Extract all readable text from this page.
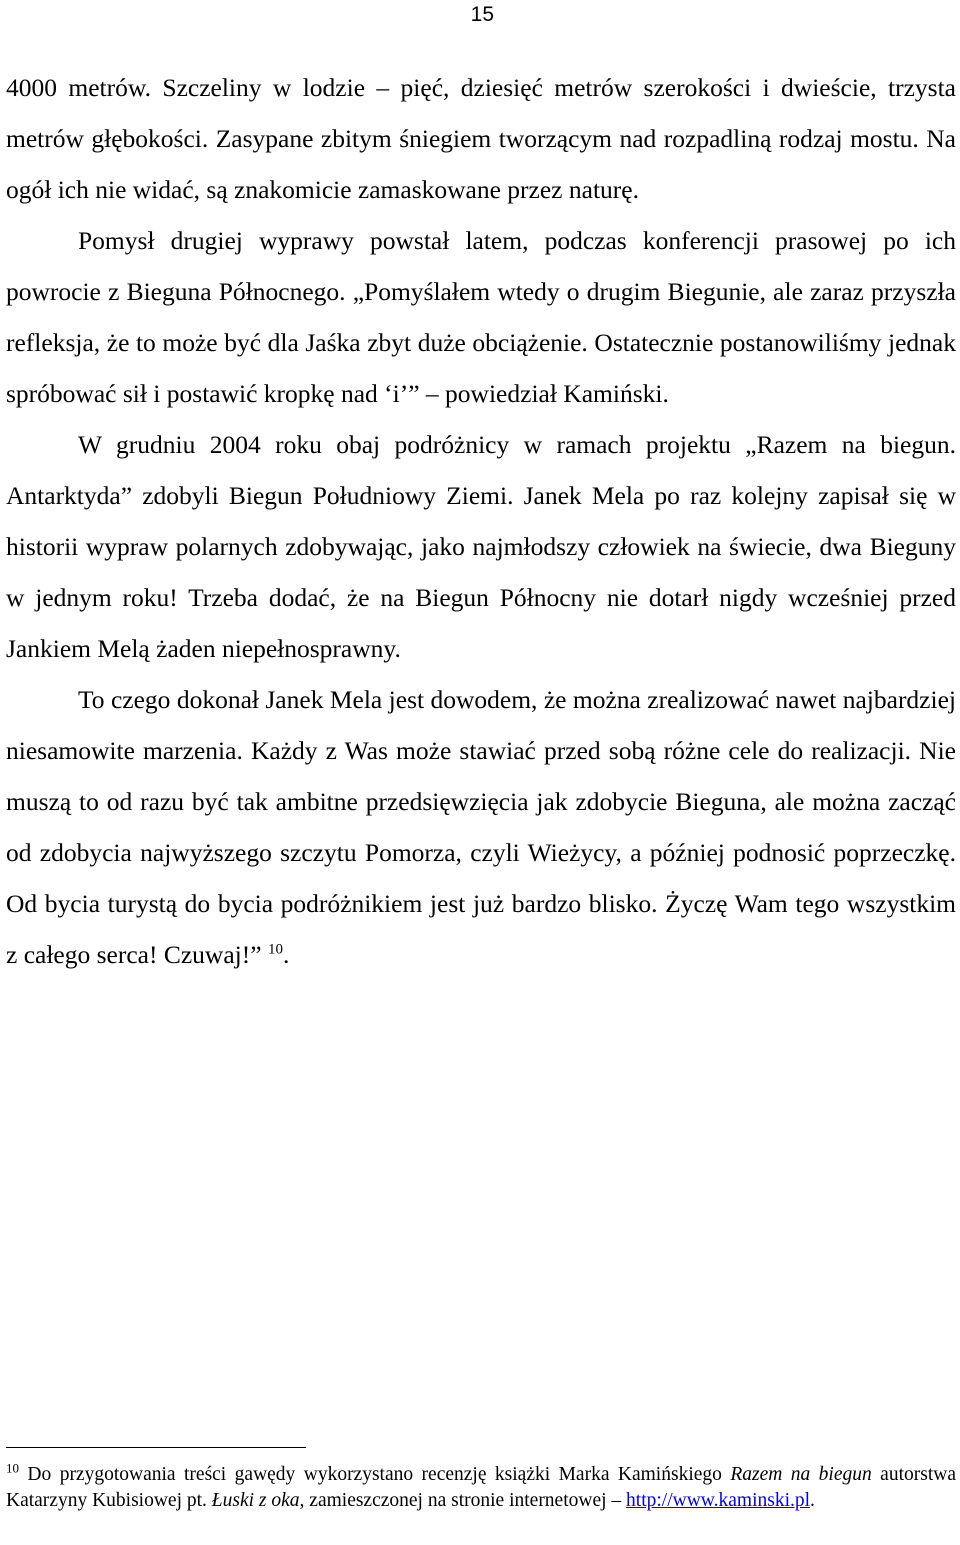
15

4000 metrów. Szczeliny w lodzie – pięć, dziesięć metrów szerokości i dwieście, trzysta metrów głębokości. Zasypane zbitym śniegiem tworzącym nad rozpadliną rodzaj mostu. Na ogół ich nie widać, są znakomicie zamaskowane przez naturę.

Pomysł drugiej wyprawy powstał latem, podczas konferencji prasowej po ich powrocie z Bieguna Północnego. „Pomyślałem wtedy o drugim Biegunie, ale zaraz przyszła refleksja, że to może być dla Jaśka zbyt duże obciążenie. Ostatecznie postanowiliśmy jednak spróbować sił i postawić kropkę nad ‘i’” – powiedział Kamiński.

W grudniu 2004 roku obaj podróżnicy w ramach projektu „Razem na biegun. Antarktyda” zdobyli Biegun Południowy Ziemi. Janek Mela po raz kolejny zapisał się w historii wypraw polarnych zdobywając, jako najmłodszy człowiek na świecie, dwa Bieguny w jednym roku! Trzeba dodać, że na Biegun Północny nie dotarł nigdy wcześniej przed Jankiem Melą żaden niepełnosprawny.

To czego dokonał Janek Mela jest dowodem, że można zrealizować nawet najbardziej niesamowite marzenia. Każdy z Was może stawiać przed sobą różne cele do realizacji. Nie muszą to od razu być tak ambitne przedsięwzięcia jak zdobycie Bieguna, ale można zacząć od zdobycia najwyższego szczytu Pomorza, czyli Wieżycy, a później podnosić poprzeczkę. Od bycia turystą do bycia podróżnikiem jest już bardzo blisko. Życzę Wam tego wszystkim z całego serca! Czuwaj!” $^{10}$.

$^{10}$ Do przygotowania treści gawędy wykorzystano recenzję książki Marka Kamińskiego Razem na biegun autorstwa Katarzyny Kubisiowej pt. Łuski z oka, zamieszczonej na stronie internetowej – http://www.kaminski.pl.
